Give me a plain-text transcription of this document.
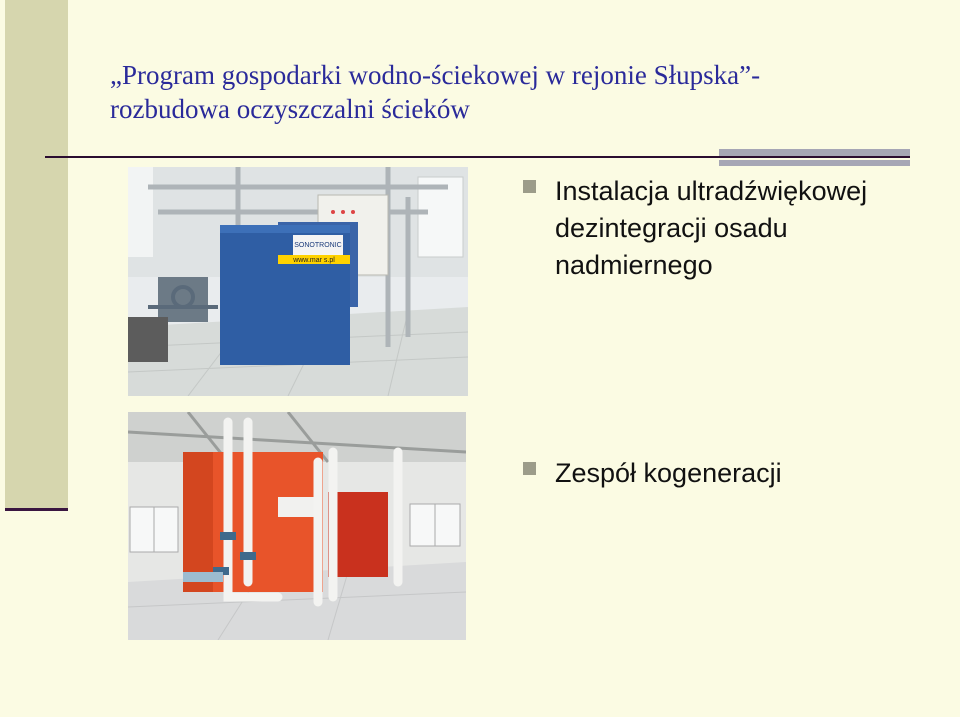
„Program gospodarki wodno-ściekowej w rejonie Słupska”-
rozbudowa oczyszczalni ścieków
SONOTRONIC
www.mar s.pl
Instalacja ultradźwiękowej dezintegracji osadu nadmiernego
Zespół kogeneracji
